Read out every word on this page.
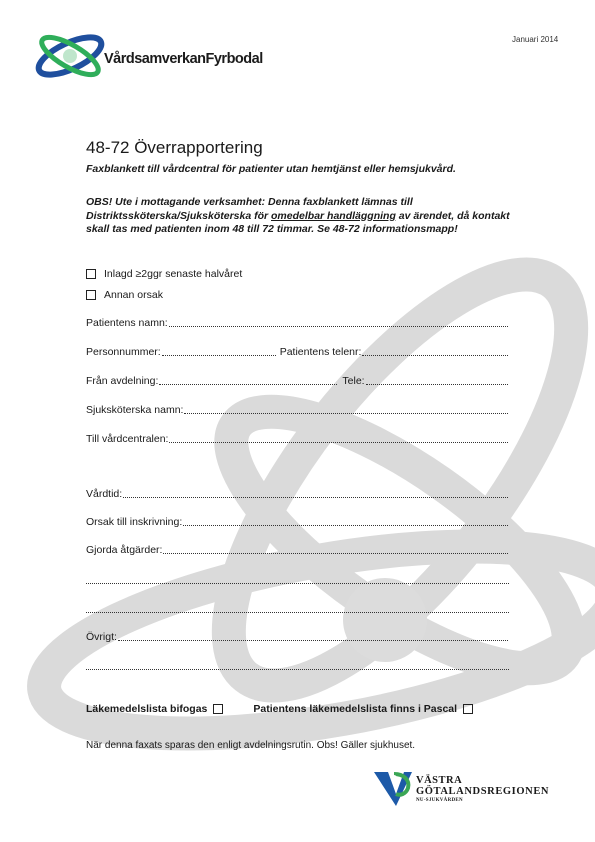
Januari 2014
VårdsamverkanFyrbodal
48-72 Överrapportering
Faxblankett till vårdcentral för patienter utan hemtjänst eller hemsjukvård.
OBS! Ute i mottagande verksamhet: Denna faxblankett lämnas till Distriktssköterska/Sjuksköterska för omedelbar handläggning av ärendet, då kontakt skall tas med patienten inom 48 till 72 timmar. Se 48-72 informationsmapp!
Inlagd ≥2ggr senaste halvåret
Annan orsak
Patientens namn:
Personnummer:	Patientens telenr:
Från avdelning:	Tele:
Sjuksköterska namn:
Till vårdcentralen:
Vårdtid:
Orsak till inskrivning:
Gjorda åtgärder:
Övrigt:
Läkemedelslista bifogas	Patientens läkemedelslista finns i Pascal
När denna faxats sparas den enligt avdelningsrutin. Obs! Gäller sjukhuset.
VÄSTRA
GÖTALANDSREGIONEN
NU-SJUKVÅRDEN
